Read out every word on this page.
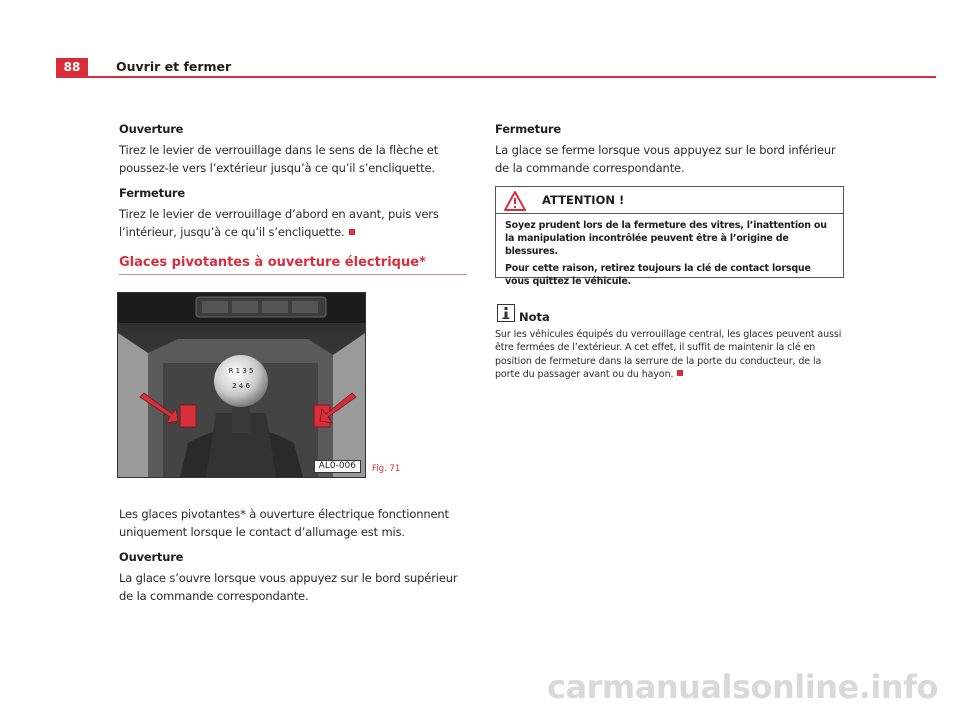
88	Ouvrir et fermer
Ouverture

Tirez le levier de verrouillage dans le sens de la flèche et poussez-le vers l’extérieur jusqu’à ce qu’il s’encliquette.

Fermeture

Tirez le levier de verrouillage d’abord en avant, puis vers l’intérieur, jusqu’à ce qu’il s’encliquette.

Glaces pivotantes à ouverture électrique*
R 1 3 5
2 4 6
AL0-006	Fig. 71

Les glaces pivotantes* à ouverture électrique fonctionnent uniquement lorsque le contact d’allumage est mis.

Ouverture

La glace s’ouvre lorsque vous appuyez sur le bord supérieur de la commande correspondante.

Fermeture

La glace se ferme lorsque vous appuyez sur le bord inférieur de la commande correspondante.

ATTENTION !

Soyez prudent lors de la fermeture des vitres, l’inattention ou la manipulation incontrôlée peuvent être à l’origine de blessures.

Pour cette raison, retirez toujours la clé de contact lorsque vous quittez le véhicule.

Nota

Sur les véhicules équipés du verrouillage central, les glaces peuvent aussi être fermées de l’extérieur. A cet effet, il suffit de maintenir la clé en position de fermeture dans la serrure de la porte du conducteur, de la porte du passager avant ou du hayon.

carmanualsonline.info
